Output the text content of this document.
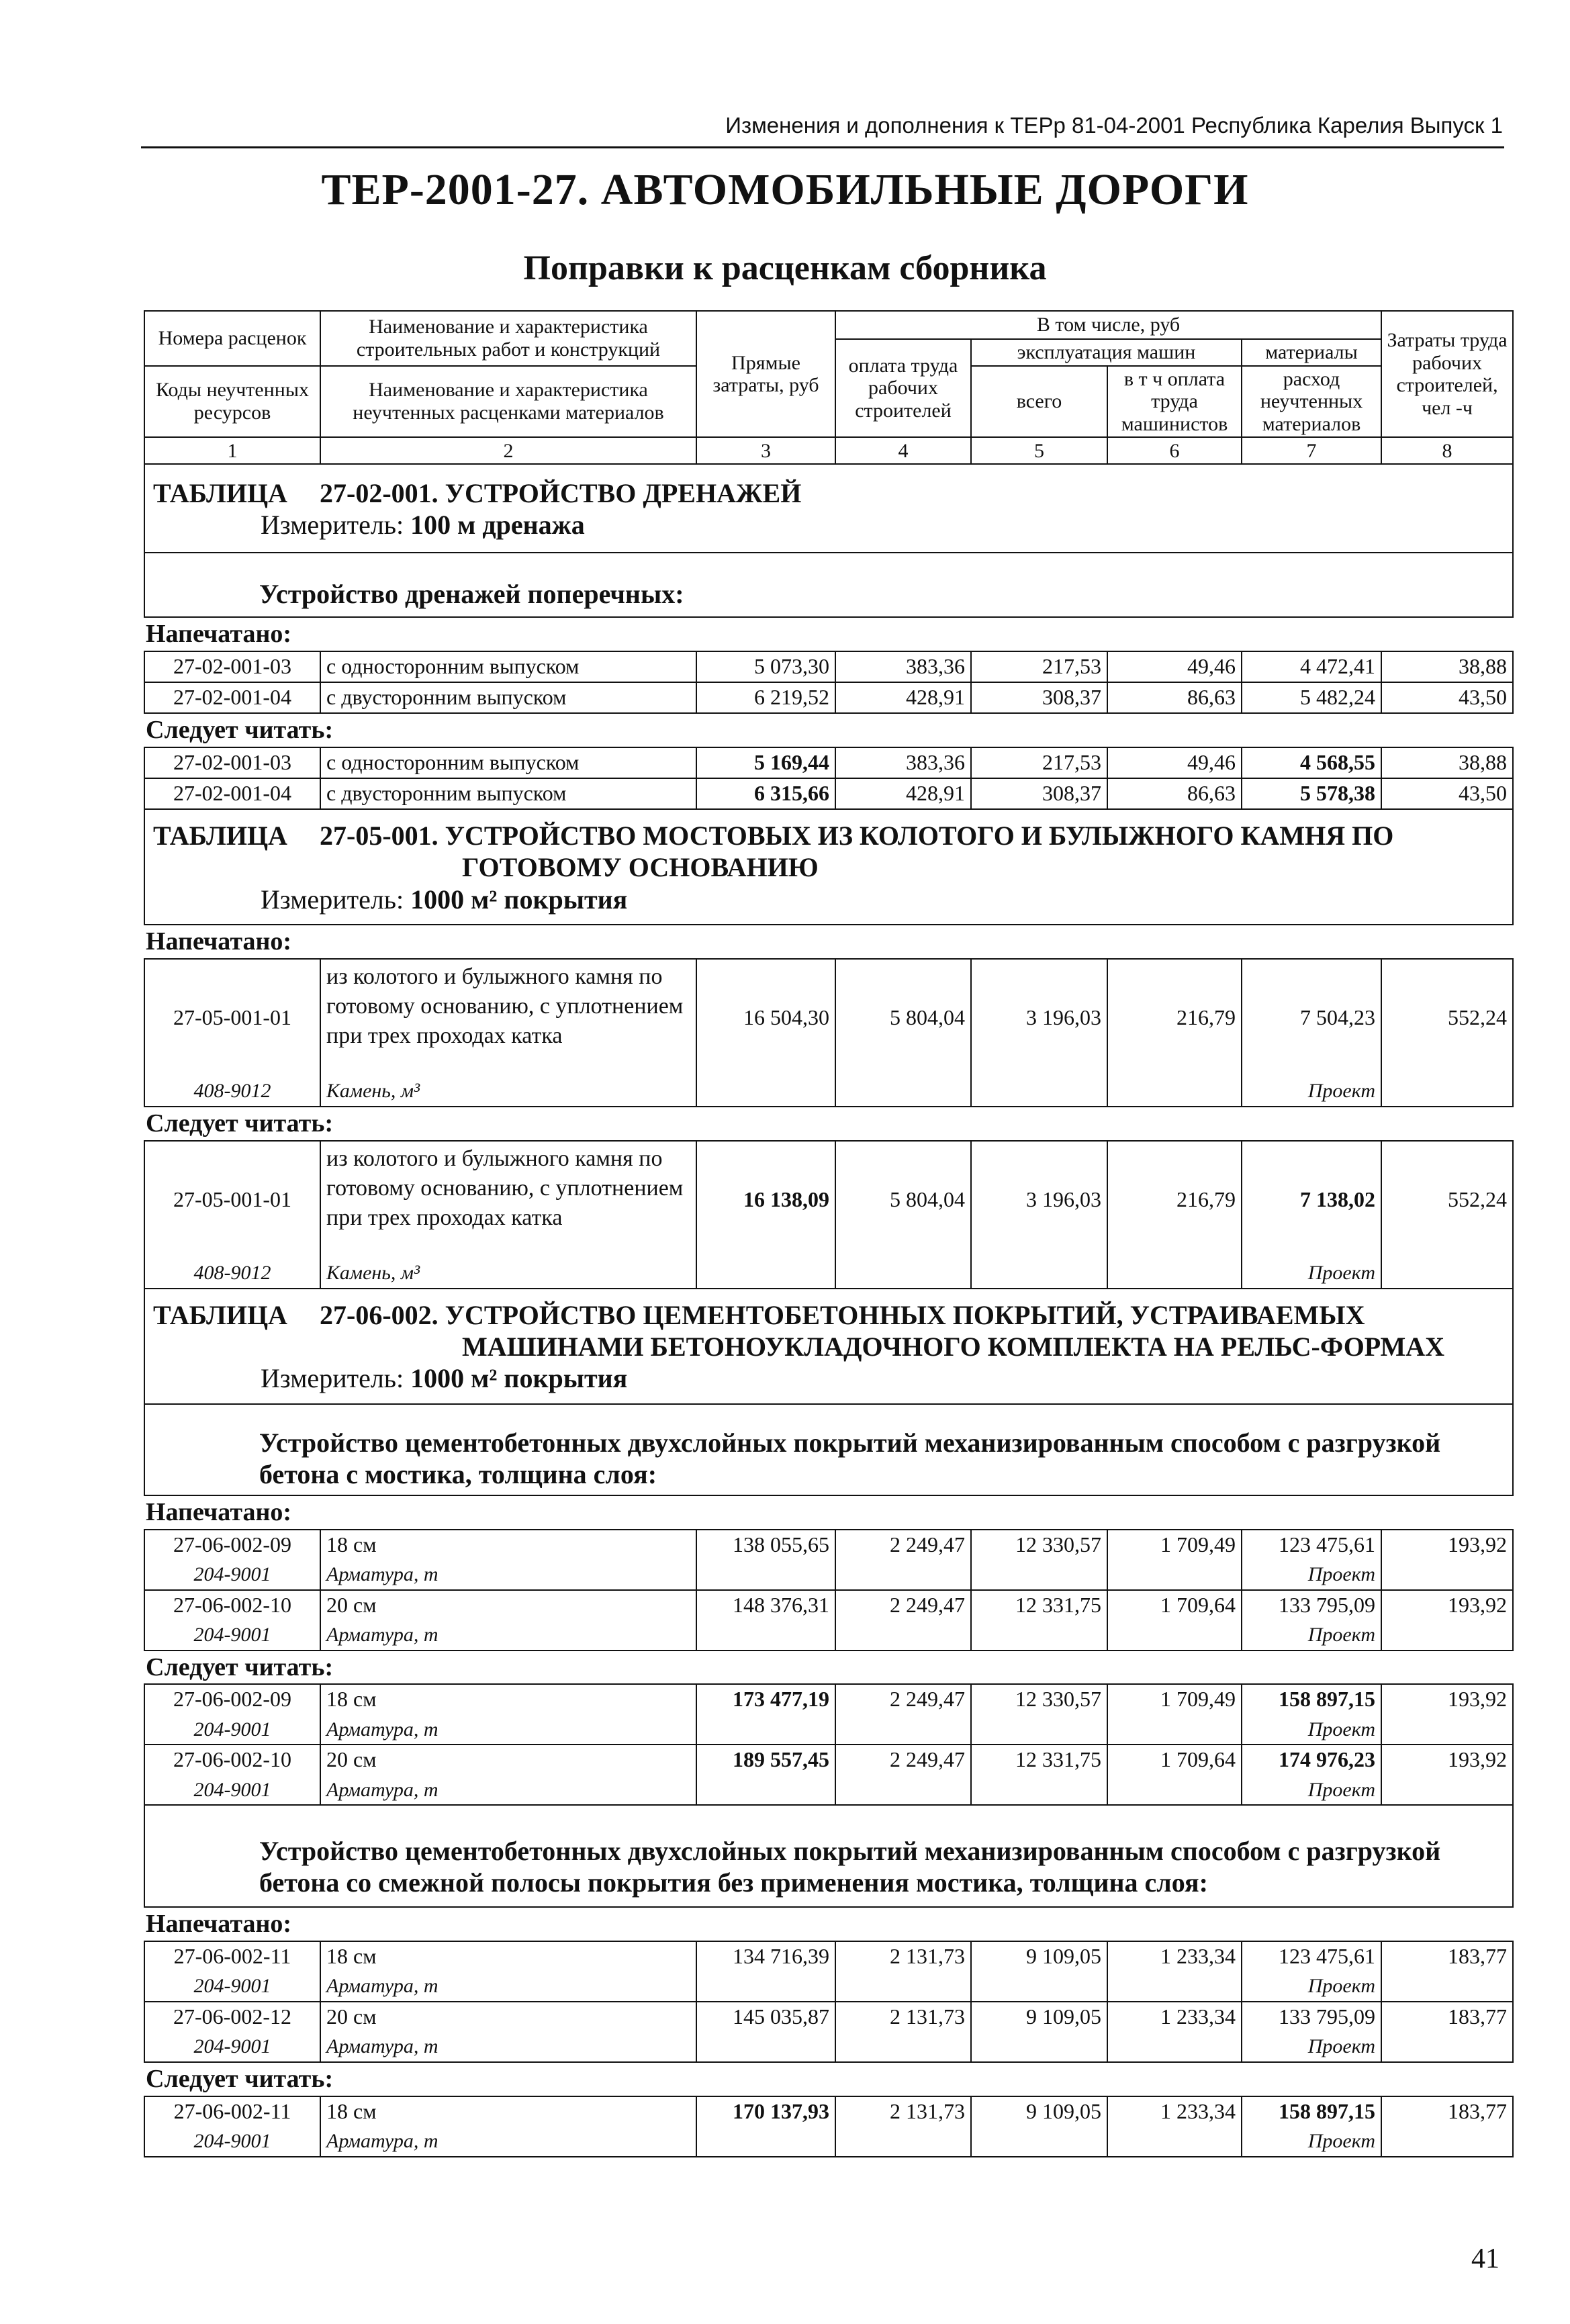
Изменения и дополнения к ТЕРр 81-04-2001 Республика Карелия Выпуск 1
ТЕР-2001-27. АВТОМОБИЛЬНЫЕ ДОРОГИ
Поправки к расценкам сборника
Номера расценок	Наименование и характеристика строительных работ и конструкций	Прямые затраты, руб	В том числе, руб				Затраты труда рабочих строителей, чел -ч
			оплата труда рабочих строителей	эксплуатация машин		материалы	
Коды неучтенных ресурсов	Наименование и характеристика неучтенных расценками материалов			всего	в т ч оплата труда машинистов	расход неучтенных материалов	

1	2	3	4	5	6	7	8

ТАБЛИЦА 27-02-001. УСТРОЙСТВО ДРЕНАЖЕЙ
Измеритель: 100 м дренажа							

Устройство дренажей поперечных:							
Напечатано:							
27-02-001-03	с односторонним выпуском	5 073,30	383,36	217,53	49,46	4 472,41	38,88
27-02-001-04	с двусторонним выпуском	6 219,52	428,91	308,37	86,63	5 482,24	43,50
Следует читать:							
27-02-001-03	с односторонним выпуском	5 169,44	383,36	217,53	49,46	4 568,55	38,88
27-02-001-04	с двусторонним выпуском	6 315,66	428,91	308,37	86,63	5 578,38	43,50

ТАБЛИЦА 27-05-001. УСТРОЙСТВО МОСТОВЫХ ИЗ КОЛОТОГО И БУЛЫЖНОГО КАМНЯ ПО
ГОТОВОМУ ОСНОВАНИЮ
Измеритель: 1000 м² покрытия							

Напечатано:							
27-05-001-01	из колотого и булыжного камня по готовому основанию, с уплотнением при трех проходах катка	16 504,30	5 804,04	3 196,03	216,79	7 504,23	552,24
408-9012	Камень, м³					Проект	
Следует читать:							
27-05-001-01	из колотого и булыжного камня по готовому основанию, с уплотнением при трех проходах катка	16 138,09	5 804,04	3 196,03	216,79	7 138,02	552,24
408-9012	Камень, м³					Проект	

ТАБЛИЦА 27-06-002. УСТРОЙСТВО ЦЕМЕНТОБЕТОННЫХ ПОКРЫТИЙ, УСТРАИВАЕМЫХ
МАШИНАМИ БЕТОНОУКЛАДОЧНОГО КОМПЛЕКТА НА РЕЛЬС-ФОРМАХ
Измеритель: 1000 м² покрытия							

Устройство цементобетонных двухслойных покрытий механизированным способом с разгрузкой
бетона с мостика, толщина слоя:							

Напечатано:							
27-06-002-09	18 см	138 055,65	2 249,47	12 330,57	1 709,49	123 475,61	193,92
204-9001	Арматура, т					Проект	
27-06-002-10	20 см	148 376,31	2 249,47	12 331,75	1 709,64	133 795,09	193,92
204-9001	Арматура, т					Проект	
Следует читать:							
27-06-002-09	18 см	173 477,19	2 249,47	12 330,57	1 709,49	158 897,15	193,92
204-9001	Арматура, т					Проект	
27-06-002-10	20 см	189 557,45	2 249,47	12 331,75	1 709,64	174 976,23	193,92
204-9001	Арматура, т					Проект	

Устройство цементобетонных двухслойных покрытий механизированным способом с разгрузкой
бетона со смежной полосы покрытия без применения мостика, толщина слоя:							

Напечатано:							
27-06-002-11	18 см	134 716,39	2 131,73	9 109,05	1 233,34	123 475,61	183,77
204-9001	Арматура, т					Проект	
27-06-002-12	20 см	145 035,87	2 131,73	9 109,05	1 233,34	133 795,09	183,77
204-9001	Арматура, т					Проект	
Следует читать:							
27-06-002-11	18 см	170 137,93	2 131,73	9 109,05	1 233,34	158 897,15	183,77
204-9001	Арматура, т					Проект	
41
